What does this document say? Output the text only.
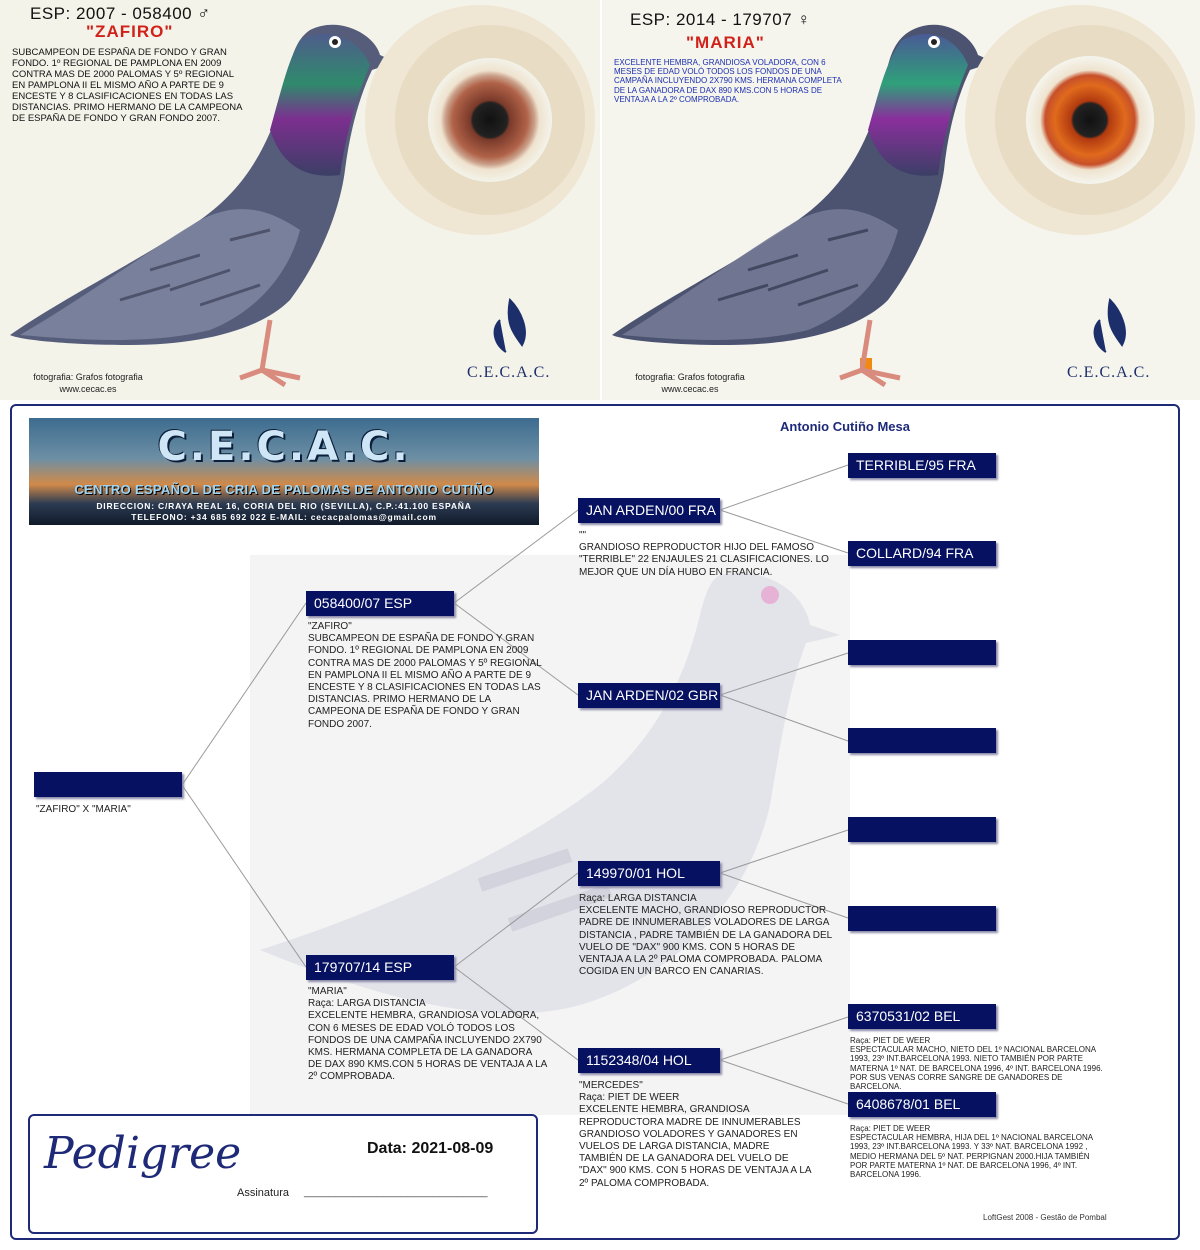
ESP: 2007 - 058400 ♂
"ZAFIRO"
SUBCAMPEON DE ESPAÑA DE FONDO Y GRAN FONDO. 1º REGIONAL DE PAMPLONA EN 2009 CONTRA MAS DE 2000 PALOMAS Y 5º REGIONAL EN PAMPLONA II EL MISMO AÑO A PARTE DE 9 ENCESTE Y 8 CLASIFICACIONES EN TODAS LAS DISTANCIAS. PRIMO HERMANO DE LA CAMPEONA DE ESPAÑA DE FONDO Y GRAN FONDO 2007.
fotografia: Grafos fotografia
www.cecac.es
C.E.C.A.C.
ESP: 2014 - 179707 ♀
"MARIA"
EXCELENTE HEMBRA, GRANDIOSA VOLADORA, CON 6 MESES DE EDAD VOLÓ TODOS LOS FONDOS DE UNA CAMPAÑA INCLUYENDO 2X790 KMS. HERMANA COMPLETA DE LA GANADORA DE DAX 890 KMS.CON 5 HORAS DE VENTAJA A LA 2º COMPROBADA.
fotografia: Grafos fotografia
www.cecac.es
C.E.C.A.C.
C.E.C.A.C.
CENTRO ESPAÑOL DE CRIA DE PALOMAS DE ANTONIO CUTIÑO
DIRECCION: C/RAYA REAL 16, CORIA DEL RIO (SEVILLA), C.P.:41.100 ESPAÑA
TELEFONO: +34 685 692 022 E-MAIL: cecacpalomas@gmail.com
Antonio Cutiño Mesa
"ZAFIRO" X "MARIA"
058400/07 ESP
"ZAFIRO"
SUBCAMPEON DE ESPAÑA DE FONDO Y GRAN FONDO. 1º REGIONAL DE PAMPLONA EN 2009 CONTRA MAS DE 2000 PALOMAS Y 5º REGIONAL EN PAMPLONA II EL MISMO AÑO A PARTE DE 9 ENCESTE Y 8 CLASIFICACIONES EN TODAS LAS DISTANCIAS. PRIMO HERMANO DE LA CAMPEONA DE ESPAÑA DE FONDO Y GRAN FONDO 2007.
179707/14 ESP
"MARIA"
Raça: LARGA DISTANCIA
EXCELENTE HEMBRA, GRANDIOSA VOLADORA, CON 6 MESES DE EDAD VOLÓ TODOS LOS FONDOS DE UNA CAMPAÑA INCLUYENDO 2X790 KMS. HERMANA COMPLETA DE LA GANADORA DE DAX 890 KMS.CON 5 HORAS DE VENTAJA A LA 2º COMPROBADA.
JAN ARDEN/00 FRA
""
GRANDIOSO REPRODUCTOR HIJO DEL FAMOSO "TERRIBLE" 22 ENJAULES 21 CLASIFICACIONES. LO MEJOR QUE UN DÍA HUBO EN FRANCIA.
JAN ARDEN/02 GBR
149970/01 HOL
Raça: LARGA DISTANCIA
EXCELENTE MACHO, GRANDIOSO REPRODUCTOR PADRE DE INNUMERABLES VOLADORES DE LARGA DISTANCIA , PADRE TAMBIÉN DE LA GANADORA DEL VUELO DE "DAX" 900 KMS. CON 5 HORAS DE VENTAJA A LA 2º PALOMA COMPROBADA. PALOMA COGIDA EN UN BARCO EN CANARIAS.
1152348/04 HOL
"MERCEDES"
Raça: PIET DE WEER
EXCELENTE HEMBRA, GRANDIOSA REPRODUCTORA MADRE DE INNUMERABLES GRANDIOSO VOLADORES Y GANADORES EN VUELOS DE LARGA DISTANCIA, MADRE TAMBIÉN DE LA GANADORA DEL VUELO DE "DAX" 900 KMS. CON 5 HORAS DE VENTAJA A LA 2º PALOMA COMPROBADA.
TERRIBLE/95 FRA
COLLARD/94 FRA
6370531/02 BEL
Raça: PIET DE WEER
ESPECTACULAR MACHO, NIETO DEL 1º NACIONAL BARCELONA 1993, 23º INT.BARCELONA 1993. NIETO TAMBIÉN POR PARTE MATERNA 1º NAT. DE BARCELONA 1996, 4º INT. BARCELONA 1996. POR SUS VENAS CORRE SANGRE DE GANADORES DE BARCELONA.
6408678/01 BEL
Raça: PIET DE WEER
ESPECTACULAR HEMBRA, HIJA DEL 1º NACIONAL BARCELONA 1993, 23º INT.BARCELONA 1993. Y 33º NAT. BARCELONA 1992 , MEDIO HERMANA DEL 5º NAT. PERPIGNAN 2000.HIJA TAMBIÉN POR PARTE MATERNA 1º NAT. DE BARCELONA 1996, 4º INT. BARCELONA 1996.
Pedigree	Data: 2021-08-09
Assinatura ______________________________
LoftGest 2008 - Gestão de Pombal
